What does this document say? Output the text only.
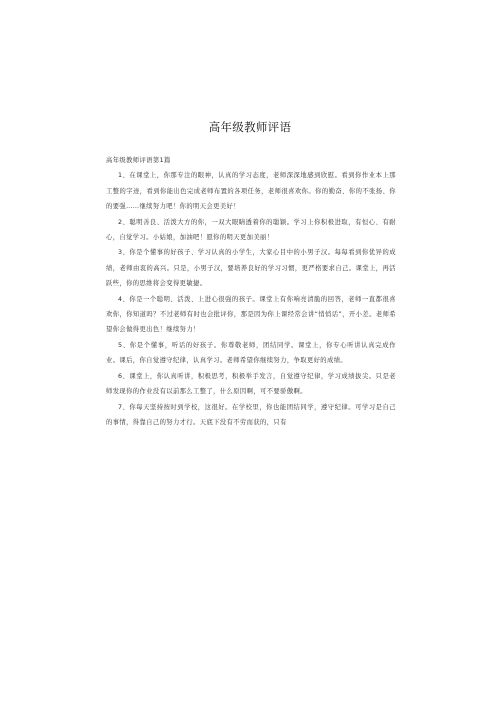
高年级教师评语

高年级教师评语第1篇

1、在课堂上，你那专注的眼神，认真的学习态度，老师深深地感到欣慰。看到你作业本上那工整的字迹，看到你能出色完成老师布置的各项任务，老师很喜欢你。你的勤奋、你的不张扬、你的要强……继续努力吧！你的明天会更美好！

2、聪明善良、活泼大方的你，一双大眼睛透着你的聪颖。学习上你积极进取，有恒心、有耐心，自觉学习。小姑娘，加油吧！愿你的明天更加美丽！

3、你是个懂事的好孩子、学习认真的小学生，大家心目中的小男子汉。每每看到你优异的成绩，老师由衷的高兴。只是，小男子汉，要培养良好的学习习惯，更严格要求自己。课堂上，再活跃些，你的思维将会变得更敏捷。

4、你是一个聪明、活泼、上进心很强的孩子。课堂上有你响亮清脆的回答，老师一直都很喜欢你，你知道吗？不过老师有时也会批评你，那是因为你上课经常会讲“悄悄话”，开小差。老师希望你会做得更出色！继续努力！

5、你是个懂事，听话的好孩子。你尊敬老师，团结同学。课堂上，你专心听讲认真完成作业。课后，你自觉遵守纪律，认真学习。老师希望你继续努力，争取更好的成绩。

6、课堂上，你认真听讲，积极思考，积极举手发言，自觉遵守纪律，学习成绩拔尖。只是老师发现你的作业没有以前那么工整了，什么原因啊，可不要骄傲啊。

7、你每天坚持按时到学校，这很好。在学校里，你也能团结同学，遵守纪律。可学习是自己的事情，得靠自己的努力才行。天底下没有不劳而获的，只有
